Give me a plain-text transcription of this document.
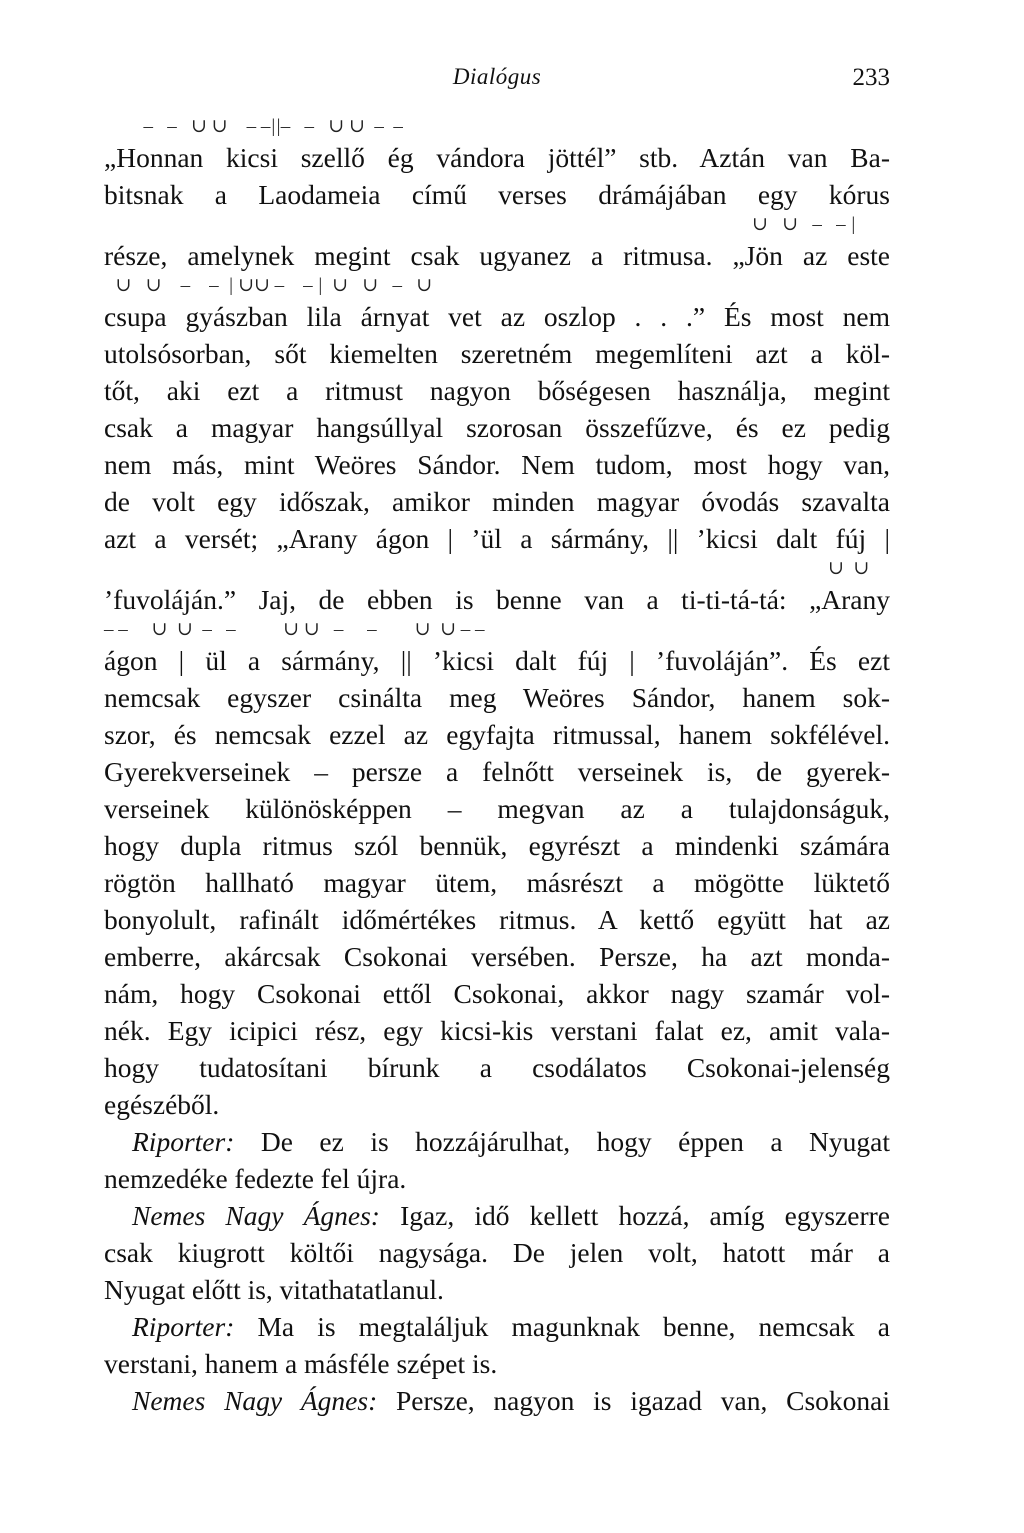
Dialógus	233
–   –   ∪ ∪    – –||–   –   ∪ ∪  –  –
„Honnan kicsi szellő ég vándora jöttél” stb. Aztán van Ba-
bitsnak a Laodameia című verses drámájában egy kórus
∪   ∪   –   – |
része, amelynek megint csak ugyanez a ritmusa. „Jön az este
∪   ∪    –    –  | ∪∪ –    – |  ∪   ∪   –   ∪
csupa gyászban lila árnyat vet az oszlop . . .” És most nem
utolsósorban, sőt kiemelten szeretném megemlíteni azt a köl-
tőt, aki ezt a ritmust nagyon bőségesen használja, megint
csak a magyar hangsúllyal szorosan összefűzve, és ez pedig
nem más, mint Weöres Sándor. Nem tudom, most hogy van,
de volt egy időszak, amikor minden magyar óvodás szavalta
azt a versét; „Arany ágon | ’ül a sármány, || ’kicsi dalt fúj |
∪  ∪
’fuvoláján.” Jaj, de ebben is benne van a ti-ti-tá-tá: „Arany
– –     ∪  ∪  –   –          ∪ ∪   –     –        ∪  ∪ – –
ágon | ül a sármány, || ’kicsi dalt fúj | ’fuvoláján”. És ezt
nemcsak egyszer csinálta meg Weöres Sándor, hanem sok-
szor, és nemcsak ezzel az egyfajta ritmussal, hanem sokfélével.
Gyerekverseinek – persze a felnőtt verseinek is, de gyerek-
verseinek különösképpen – megvan az a tulajdonságuk,
hogy dupla ritmus szól bennük, egyrészt a mindenki számára
rögtön hallható magyar ütem, másrészt a mögötte lüktető
bonyolult, rafinált időmértékes ritmus. A kettő együtt hat az
emberre, akárcsak Csokonai versében. Persze, ha azt monda-
nám, hogy Csokonai ettől Csokonai, akkor nagy szamár vol-
nék. Egy icipici rész, egy kicsi-kis verstani falat ez, amit vala-
hogy tudatosítani bírunk a csodálatos Csokonai-jelenség
egészéből.
Riporter: De ez is hozzájárulhat, hogy éppen a Nyugat
nemzedéke fedezte fel újra.
Nemes Nagy Ágnes: Igaz, idő kellett hozzá, amíg egyszerre
csak kiugrott költői nagysága. De jelen volt, hatott már a
Nyugat előtt is, vitathatatlanul.
Riporter: Ma is megtaláljuk magunknak benne, nemcsak a
verstani, hanem a másféle szépet is.
Nemes Nagy Ágnes: Persze, nagyon is igazad van, Csokonai
